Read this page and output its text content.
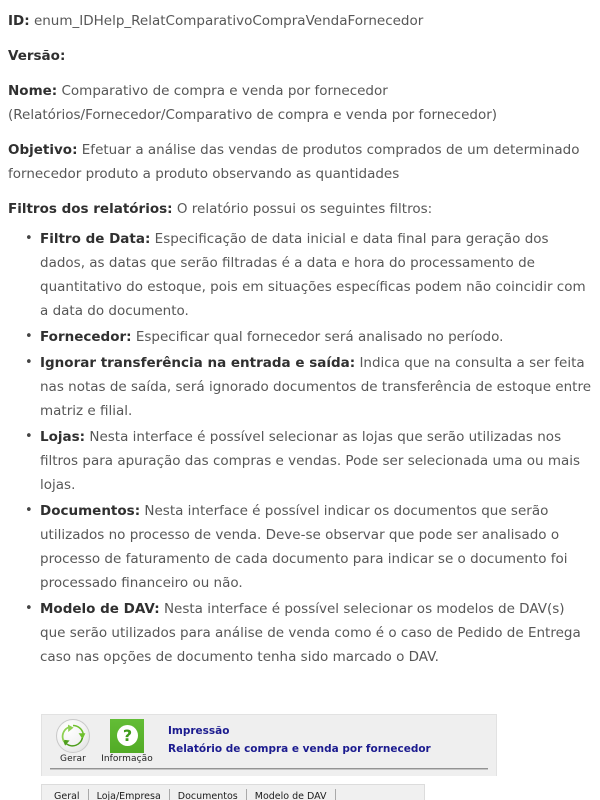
ID: enum_IDHelp_RelatComparativoCompraVendaFornecedor

Versão:

Nome: Comparativo de compra e venda por fornecedor (Relatórios/Fornecedor/Comparativo de compra e venda por fornecedor)

Objetivo: Efetuar a análise das vendas de produtos comprados de um determinado fornecedor produto a produto observando as quantidades

Filtros dos relatórios: O relatório possui os seguintes filtros:

• Filtro de Data: Especificação de data inicial e data final para geração dos dados, as datas que serão filtradas é a data e hora do processamento de quantitativo do estoque, pois em situações específicas podem não coincidir com a data do documento.
• Fornecedor: Especificar qual fornecedor será analisado no período.
• Ignorar transferência na entrada e saída: Indica que na consulta a ser feita nas notas de saída, será ignorado documentos de transferência de estoque entre matriz e filial.
• Lojas: Nesta interface é possível selecionar as lojas que serão utilizadas nos filtros para apuração das compras e vendas. Pode ser selecionada uma ou mais lojas.
• Documentos: Nesta interface é possível indicar os documentos que serão utilizados no processo de venda. Deve-se observar que pode ser analisado o processo de faturamento de cada documento para indicar se o documento foi processado financeiro ou não.
• Modelo de DAV: Nesta interface é possível selecionar os modelos de DAV(s) que serão utilizados para análise de venda como é o caso de Pedido de Entrega caso nas opções de documento tenha sido marcado o DAV.
Gerar
?
Informação
Impressão
Relatório de compra e venda por fornecedor
Geral	Loja/Empresa	Documentos	Modelo de DAV
